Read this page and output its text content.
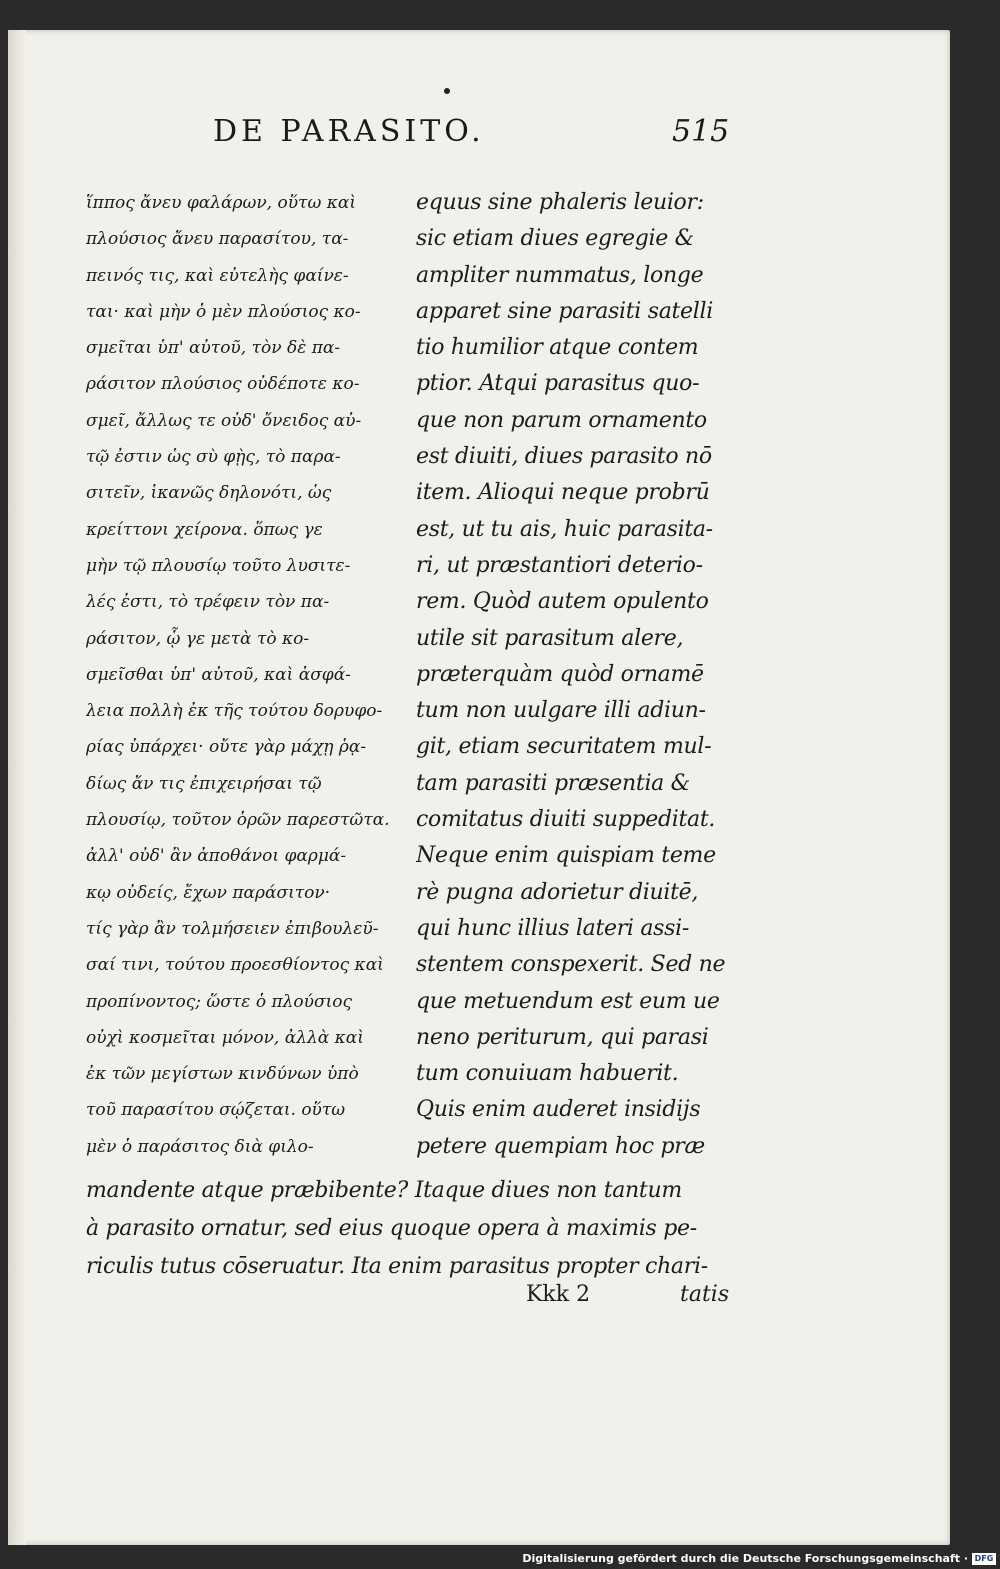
DE PARASITO.	515
ἵππος ἄνευ φαλάρων, οὕτω καὶ
πλούσιος ἄνευ παρασίτου, τα-
πεινός τις, καὶ εὐτελὴς φαίνε-
ται· καὶ μὴν ὁ μὲν πλούσιος κο-
σμεῖται ὑπ' αὐτοῦ, τὸν δὲ πα-
ράσιτον πλούσιος οὐδέποτε κο-
σμεῖ, ἄλλως τε οὐδ' ὄνειδος αὐ-
τῷ ἐστιν ὡς σὺ φῂς, τὸ παρα-
σιτεῖν, ἱκανῶς δηλονότι, ὡς
κρείττονι χείρονα. ὅπως γε
μὴν τῷ πλουσίῳ τοῦτο λυσιτε-
λές ἐστι, τὸ τρέφειν τὸν πα-
ράσιτον, ᾧ γε μετὰ τὸ κο-
σμεῖσθαι ὑπ' αὐτοῦ, καὶ ἀσφά-
λεια πολλὴ ἐκ τῆς τούτου δορυφο-
ρίας ὑπάρχει· οὔτε γὰρ μάχῃ ῥᾳ-
δίως ἄν τις ἐπιχειρήσαι τῷ
πλουσίῳ, τοῦτον ὁρῶν παρεστῶτα.
ἀλλ' οὐδ' ἂν ἀποθάνοι φαρμά-
κῳ οὐδείς, ἔχων παράσιτον·
τίς γὰρ ἂν τολμήσειεν ἐπιβουλεῦ-
σαί τινι, τούτου προεσθίοντος καὶ
προπίνοντος; ὥστε ὁ πλούσιος
οὐχὶ κοσμεῖται μόνον, ἀλλὰ καὶ
ἐκ τῶν μεγίστων κινδύνων ὑπὸ
τοῦ παρασίτου σῴζεται. οὕτω
μὲν ὁ παράσιτος διὰ φιλο-
equus sine phaleris leuior:
sic etiam diues egregie &
ampliter nummatus, longe
apparet sine parasiti satelli
tio humilior atque contem
ptior. Atqui parasitus quo-
que non parum ornamento
est diuiti, diues parasito nō
item. Alioqui neque probrū
est, ut tu ais, huic parasita-
ri, ut præstantiori deterio-
rem. Quòd autem opulento
utile sit parasitum alere,
præterquàm quòd ornamē
tum non uulgare illi adiun-
git, etiam securitatem mul-
tam parasiti præsentia &
comitatus diuiti suppeditat.
Neque enim quispiam teme
rè pugna adorietur diuitē,
qui hunc illius lateri assi-
stentem conspexerit. Sed ne
que metuendum est eum ue
neno periturum, qui parasi
tum conuiuam habuerit.
Quis enim auderet insidijs
petere quempiam hoc præ
mandente atque præbibente? Itaque diues non tantum
à parasito ornatur, sed eius quoque opera à maximis pe-
riculis tutus cōseruatur. Ita enim parasitus propter chari-
Kkk 2	tatis
Digitalisierung gefördert durch die Deutsche Forschungsgemeinschaft · DFG
